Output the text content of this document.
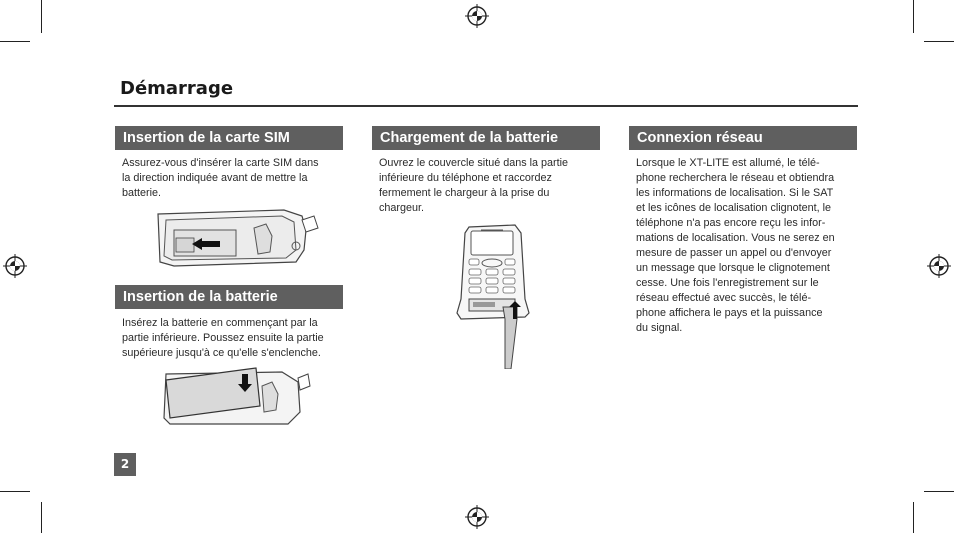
Démarrage
Insertion de la carte SIM
Assurez-vous d'insérer la carte SIM dans
la direction indiquée avant de mettre la
batterie.
Insertion de la batterie
Insérez la batterie en commençant par la
partie inférieure. Poussez ensuite la partie
supérieure jusqu'à ce qu'elle s'enclenche.
Chargement de la batterie
Ouvrez le couvercle situé dans la partie
inférieure du téléphone et raccordez
fermement le chargeur à la prise du
chargeur.
Connexion réseau
Lorsque le XT-LITE est allumé, le télé-
phone recherchera le réseau et obtiendra
les informations de localisation. Si le SAT
et les icônes de localisation clignotent, le
téléphone n'a pas encore reçu les infor-
mations de localisation. Vous ne serez en
mesure de passer un appel ou d'envoyer
un message que lorsque le clignotement
cesse. Une fois l'enregistrement sur le
réseau effectué avec succès, le télé-
phone affichera le pays et la puissance
du signal.
2
